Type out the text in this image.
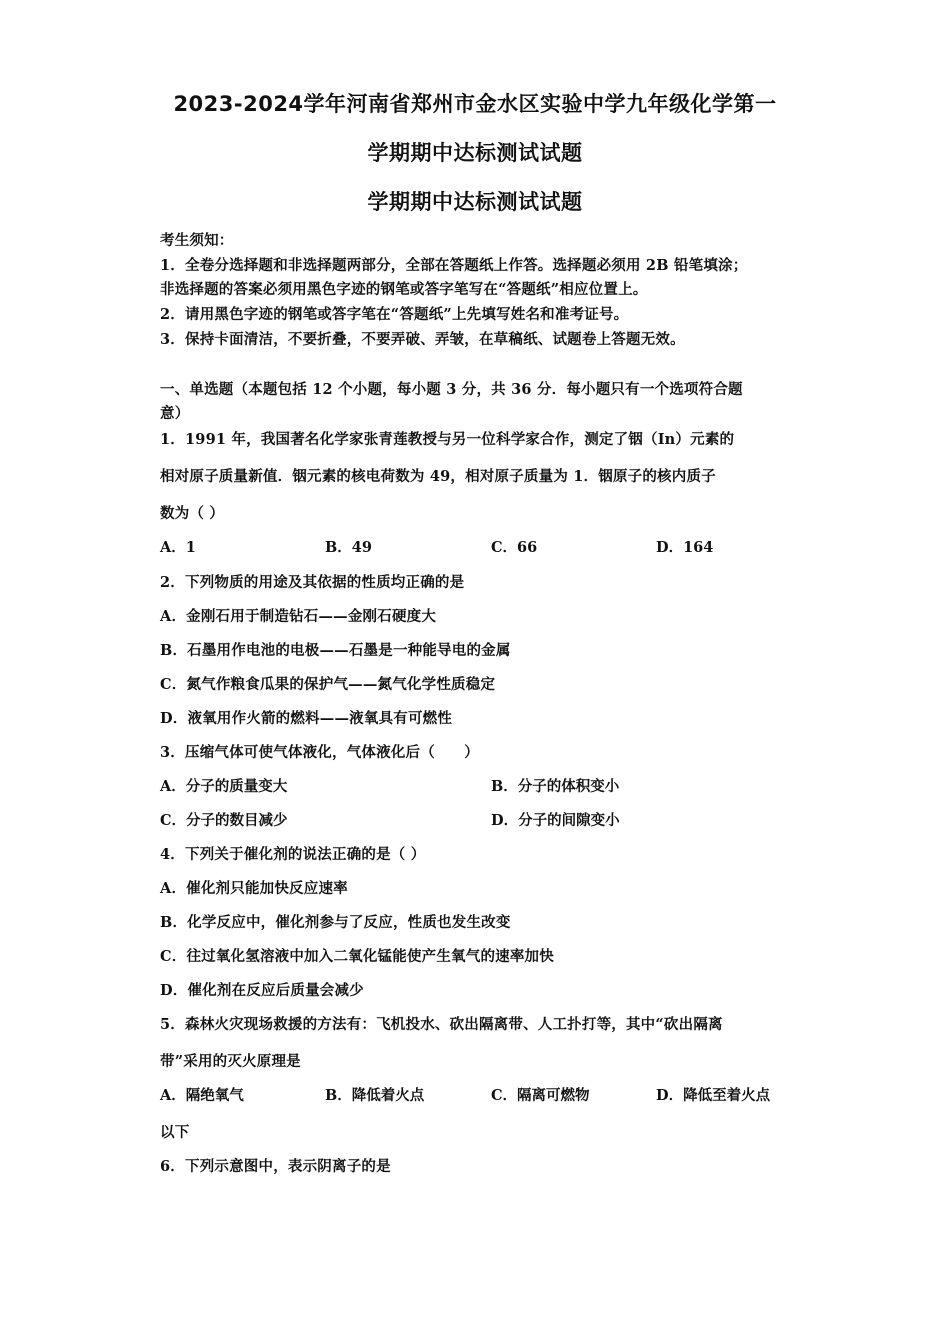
2023-2024学年河南省郑州市金水区实验中学九年级化学第一
学期期中达标测试试题
学期期中达标测试试题
考生须知：
1．全卷分选择题和非选择题两部分，全部在答题纸上作答。选择题必须用 2B 铅笔填涂；
非选择题的答案必须用黑色字迹的钢笔或答字笔写在“答题纸”相应位置上。
2．请用黑色字迹的钢笔或答字笔在“答题纸”上先填写姓名和准考证号。
3．保持卡面清洁，不要折叠，不要弄破、弄皱，在草稿纸、试题卷上答题无效。
一、单选题（本题包括 12 个小题，每小题 3 分，共 36 分．每小题只有一个选项符合题
意）
1．1991 年，我国著名化学家张青莲教授与另一位科学家合作，测定了铟（In）元素的
相对原子质量新值．铟元素的核电荷数为 49，相对原子质量为 1．铟原子的核内质子
数为（ ）
A．1	B．49	C．66	D．164
2．下列物质的用途及其依据的性质均正确的是
A．金刚石用于制造钻石——金刚石硬度大
B．石墨用作电池的电极——石墨是一种能导电的金属
C．氮气作粮食瓜果的保护气——氮气化学性质稳定
D．液氧用作火箭的燃料——液氧具有可燃性
3．压缩气体可使气体液化，气体液化后（　　）
A．分子的质量变大	B．分子的体积变小
C．分子的数目减少	D．分子的间隙变小
4．下列关于催化剂的说法正确的是（ ）
A．催化剂只能加快反应速率
B．化学反应中，催化剂参与了反应，性质也发生改变
C．往过氧化氢溶液中加入二氧化锰能使产生氧气的速率加快
D．催化剂在反应后质量会减少
5．森林火灾现场救援的方法有：飞机投水、砍出隔离带、人工扑打等，其中“砍出隔离
带”采用的灭火原理是
A．隔绝氧气	B．降低着火点	C．隔离可燃物	D．降低至着火点
以下
6．下列示意图中，表示阴离子的是
